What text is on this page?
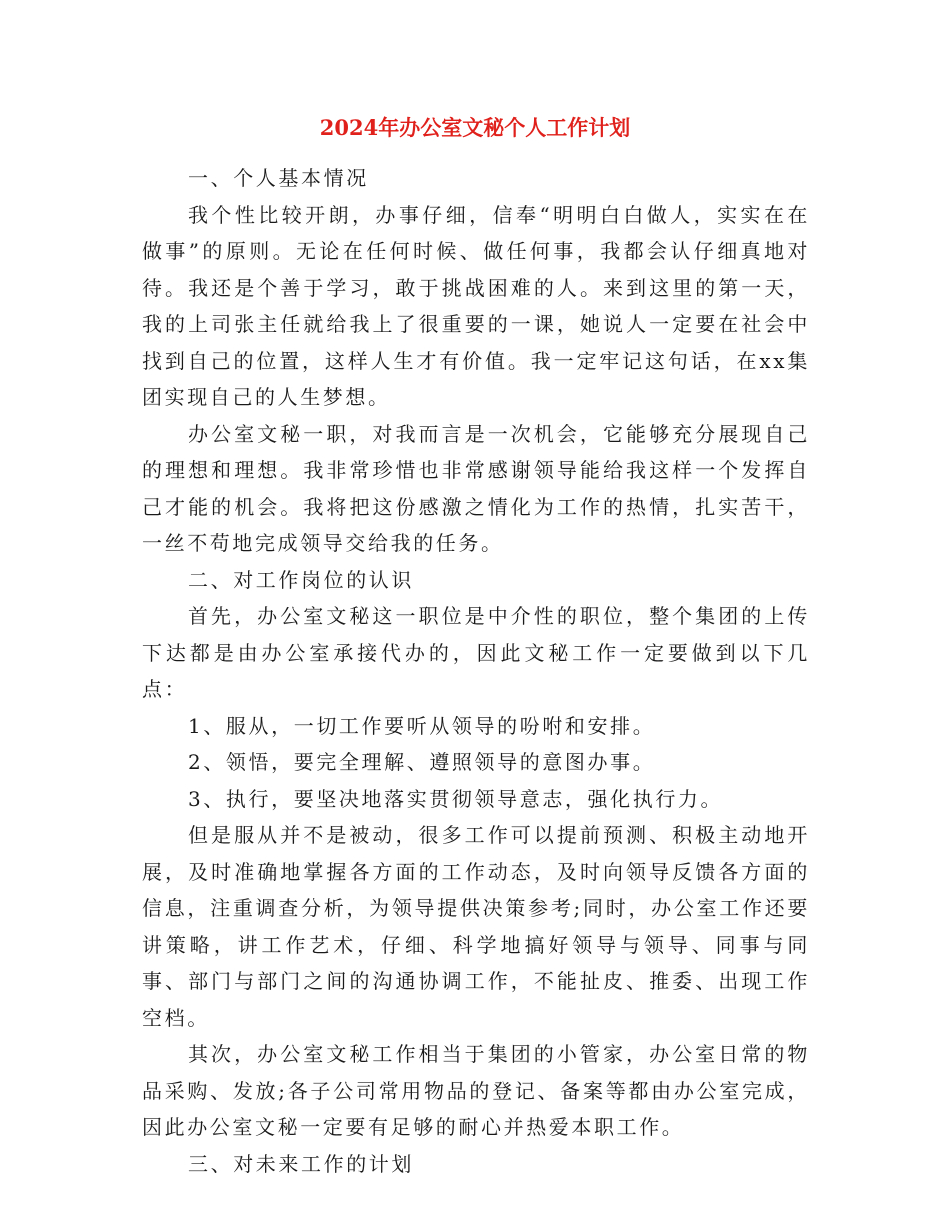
2024年办公室文秘个人工作计划

一、个人基本情况

我个性比较开朗，办事仔细，信奉“明明白白做人，实实在在做事”的原则。无论在任何时候、做任何事，我都会认仔细真地对待。我还是个善于学习，敢于挑战困难的人。来到这里的第一天，我的上司张主任就给我上了很重要的一课，她说人一定要在社会中找到自己的位置，这样人生才有价值。我一定牢记这句话，在xx集团实现自己的人生梦想。

办公室文秘一职，对我而言是一次机会，它能够充分展现自己的理想和理想。我非常珍惜也非常感谢领导能给我这样一个发挥自己才能的机会。我将把这份感激之情化为工作的热情，扎实苦干，一丝不苟地完成领导交给我的任务。

二、对工作岗位的认识

首先，办公室文秘这一职位是中介性的职位，整个集团的上传下达都是由办公室承接代办的，因此文秘工作一定要做到以下几点：

1、服从，一切工作要听从领导的吩咐和安排。

2、领悟，要完全理解、遵照领导的意图办事。

3、执行，要坚决地落实贯彻领导意志，强化执行力。

但是服从并不是被动，很多工作可以提前预测、积极主动地开展，及时准确地掌握各方面的工作动态，及时向领导反馈各方面的信息，注重调查分析，为领导提供决策参考;同时，办公室工作还要讲策略，讲工作艺术，仔细、科学地搞好领导与领导、同事与同事、部门与部门之间的沟通协调工作，不能扯皮、推委、出现工作空档。

其次，办公室文秘工作相当于集团的小管家，办公室日常的物品采购、发放;各子公司常用物品的登记、备案等都由办公室完成，因此办公室文秘一定要有足够的耐心并热爱本职工作。

三、对未来工作的计划
